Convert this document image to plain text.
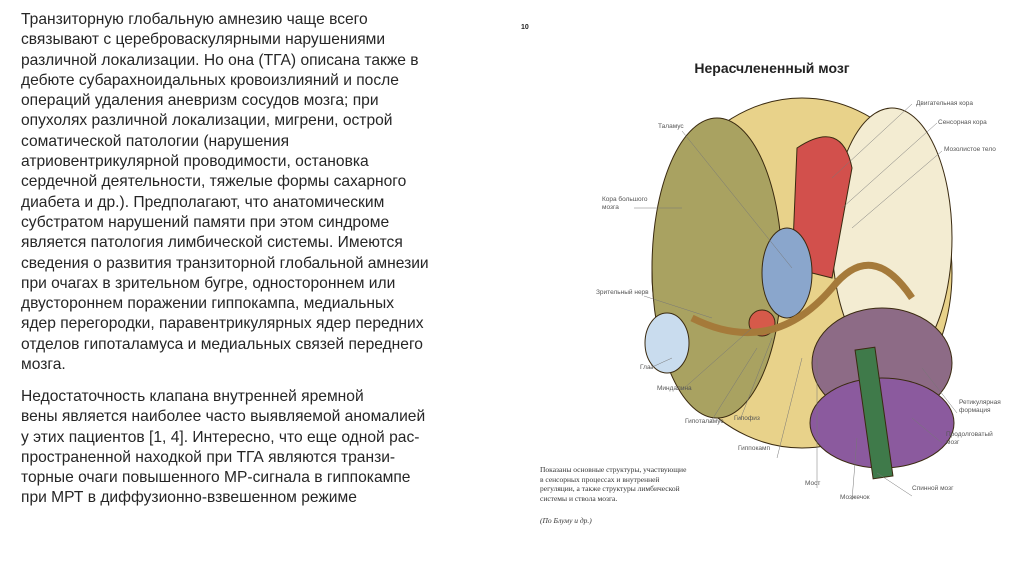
Транзиторную глобальную амнезию чаще всего
связывают с цереброваскулярными нарушениями
различной локализации. Но она (ТГА) описана также в
дебюте субарахноидальных кровоизлияний и после
операций удаления аневризм сосудов мозга; при
опухолях различной локализации, мигрени, острой
соматической патологии (нарушения
атриовентрикулярной проводимости, остановка
сердечной деятельности, тяжелые формы сахарного
диабета и др.). Предполагают, что анатомическим
субстратом нарушений памяти при этом синдроме
является патология лимбической системы. Имеются
сведения о развития транзиторной глобальной амнезии
при очагах в зрительном бугре, одностороннем или
двустороннем поражении гиппокампа, медиальных
ядер перегородки, паравентрикулярных ядер передних
отделов гипоталамуса и медиальных связей переднего
мозга.
Недостаточность клапана внутренней яремной
вены является наиболее часто выявляемой аномалией
у этих пациентов [1, 4]. Интересно, что еще одной рас-
пространенной находкой при ТГА являются транзи-
торные очаги повышенного МР-сигнала в гиппокампе
при МРТ в диффузионно-взвешенном режиме
10
Нерасчлененный мозг
Таламус
Двигательная кора
Сенсорная кора
Мозолистое тело
Кора большого
мозга
Зрительный нерв
Глаз
Миндалина
Гипоталамус Гипофиз
Гиппокамп
Мост
Мозжечок
Спинной мозг
Ретикулярная
формация
Продолговатый
мозг
Показаны основные структуры, участвующие
в сенсорных процессах и внутренней
регуляции, а также структуры лимбической
системы и ствола мозга.
(По Блуму и др.)
